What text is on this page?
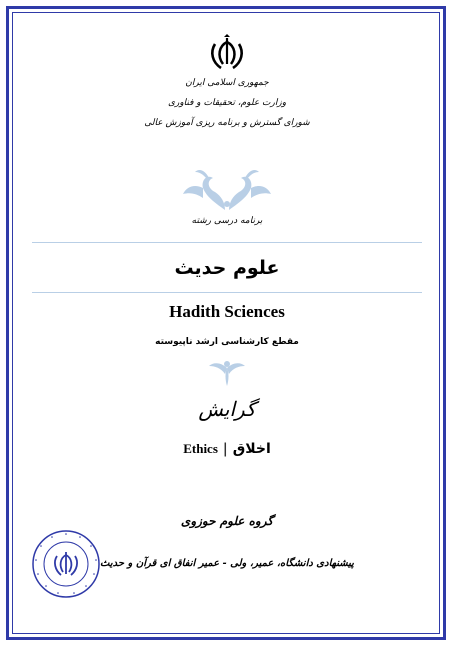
جمهوری اسلامی ایران
وزارت علوم، تحقیقات و فناوری
شورای گسترش و برنامه ریزی آموزش عالی
برنامه درسی رشته
علوم حدیث
Hadith Sciences
مقطع کارشناسی ارشد ناپیوسته
گرایش
Ethics | اخلاق
گروه علوم حوزوی
پیشنهادی دانشگاه، عمیر، ولی - عمیر انفاق ای قرآن و حدیث
